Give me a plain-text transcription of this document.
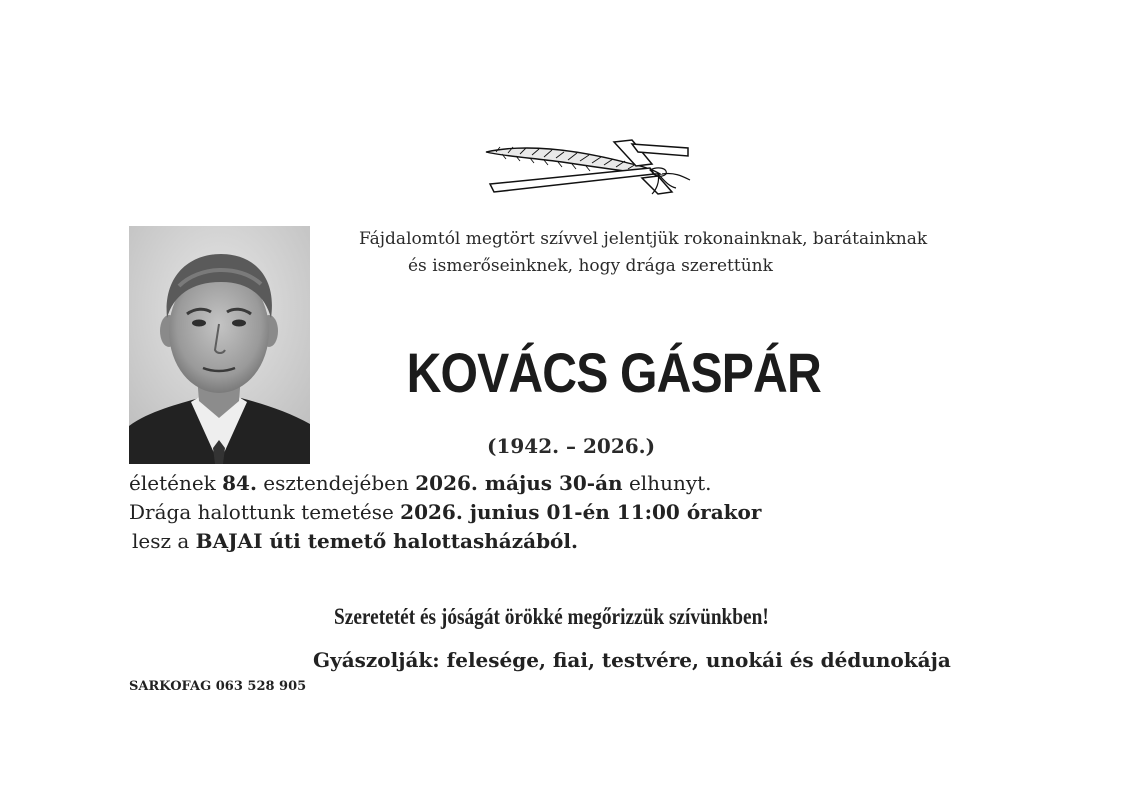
Fájdalomtól megtört szívvel jelentjük rokonainknak, barátainknak
és ismerőseinknek, hogy drága szerettünk
KOVÁCS GÁSPÁR
(1942. – 2026.)
életének 84. esztendejében 2026. május 30-án elhunyt.
Drága halottunk temetése 2026. junius 01-én 11:00 órakor
lesz a BAJAI úti temető halottasházából.
Szeretetét és jóságát örökké megőrizzük szívünkben!
Gyászolják: felesége, fiai, testvére, unokái és dédunokája
SARKOFAG 063 528 905
